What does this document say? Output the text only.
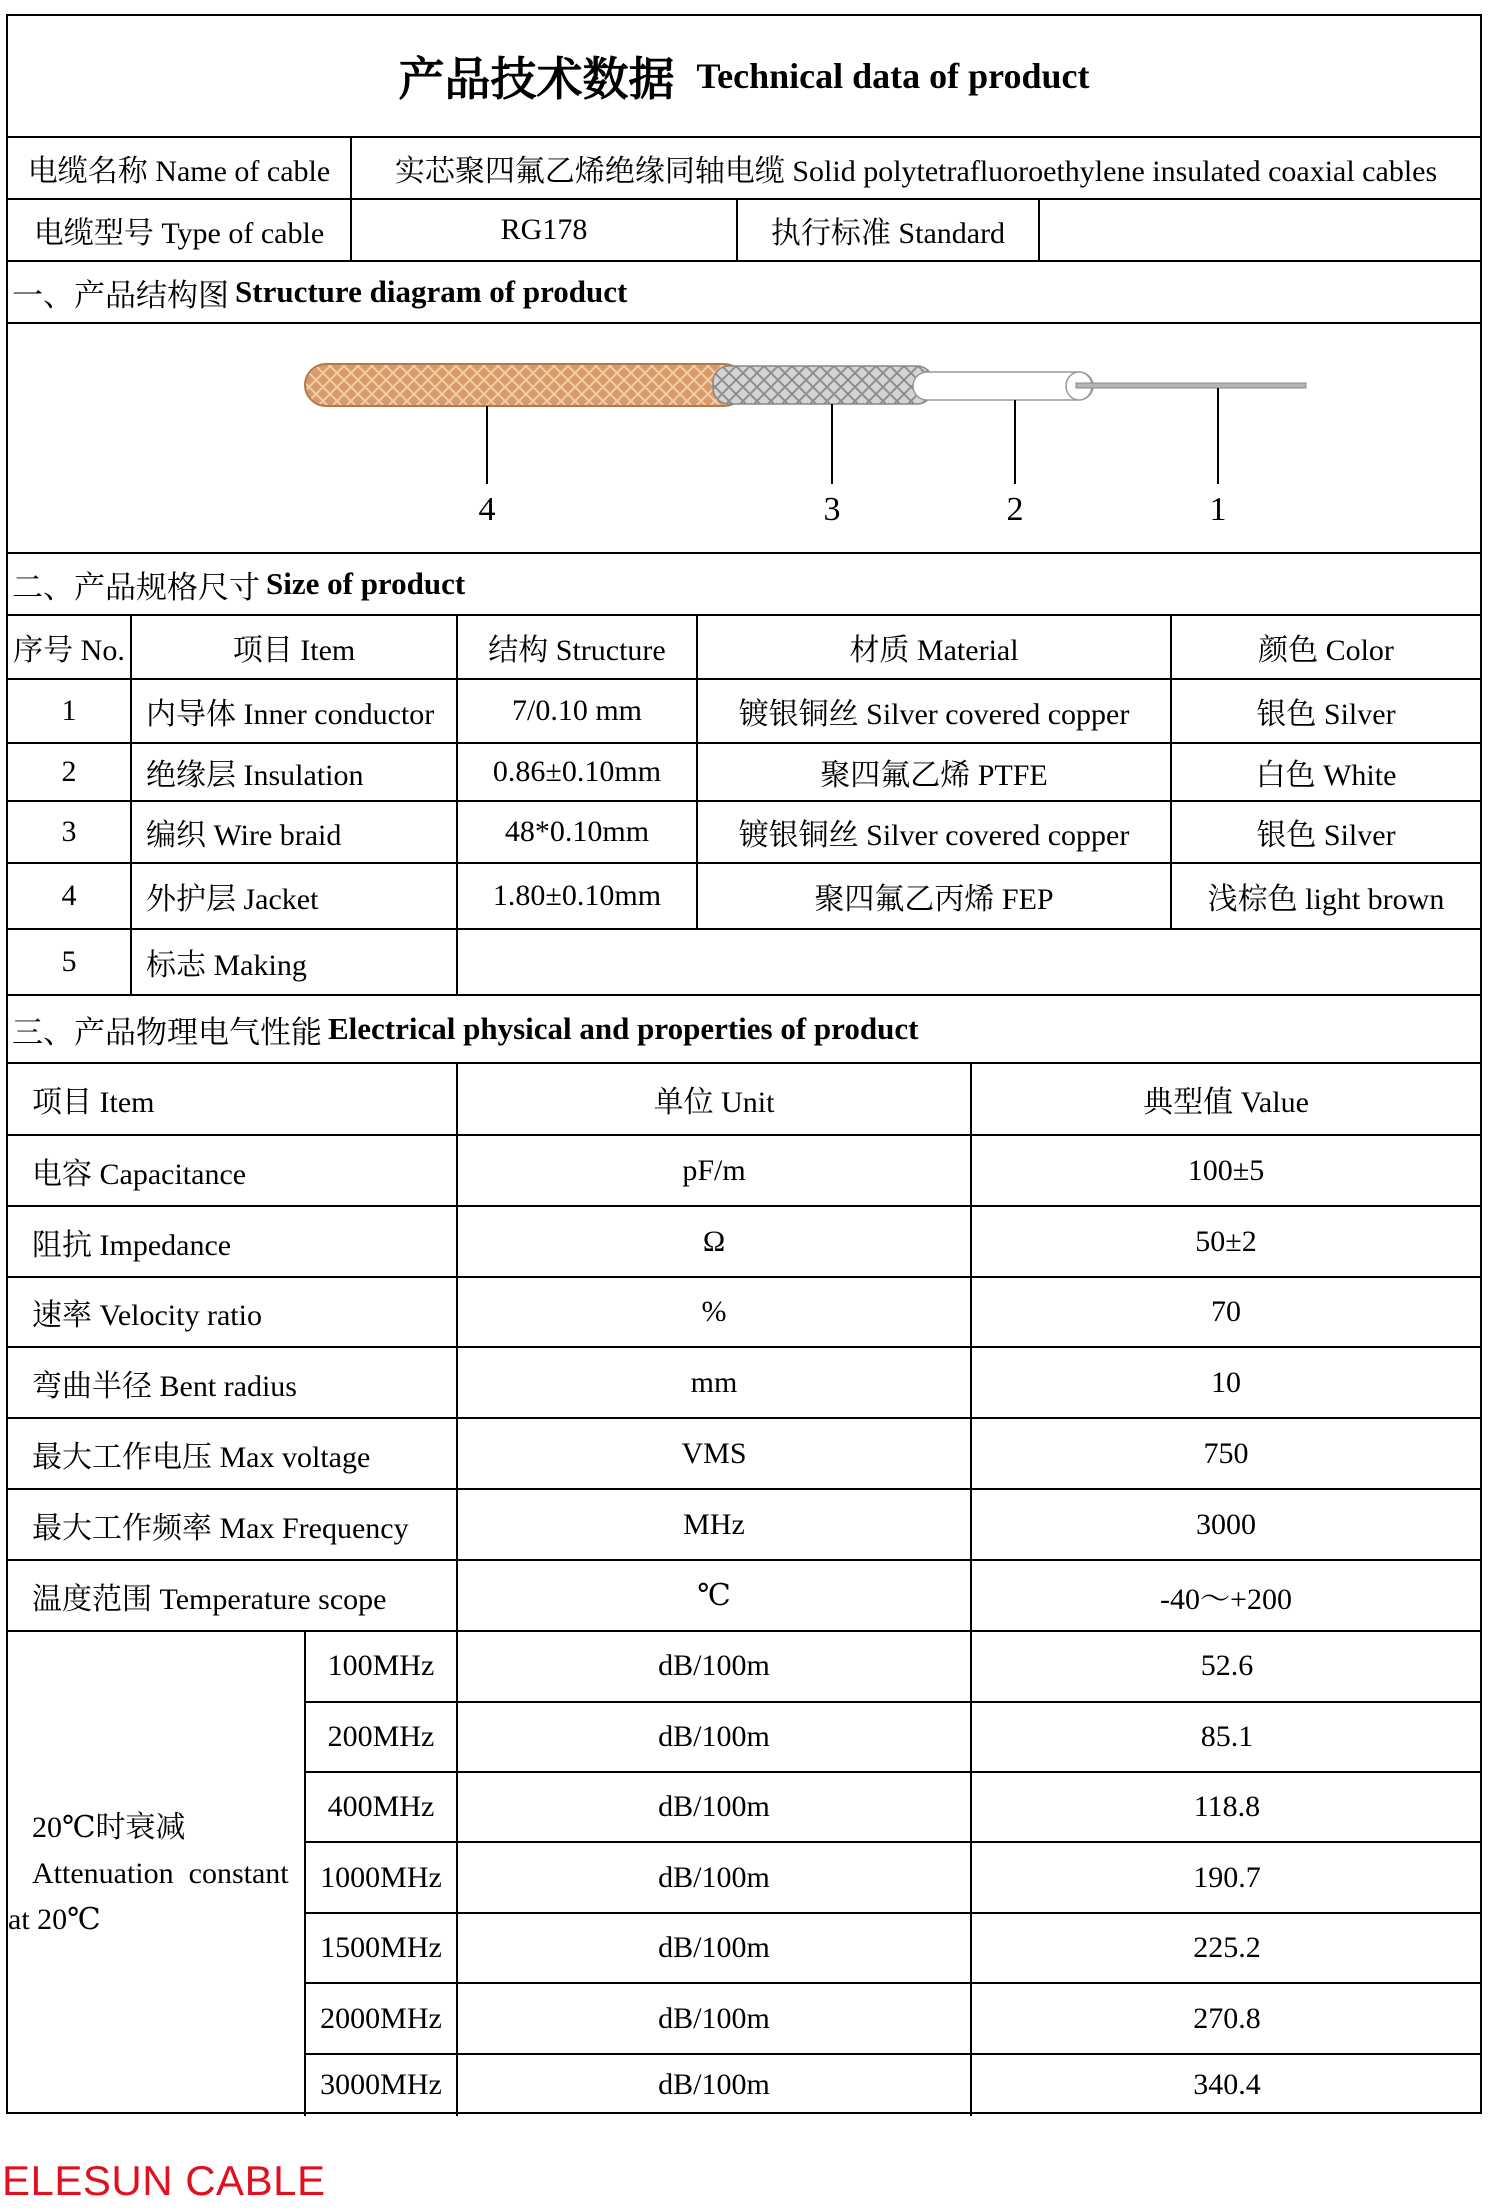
产品技术数据 Technical data of product
电缆名称 Name of cable	实芯聚四氟乙烯绝缘同轴电缆 Solid polytetrafluoroethylene insulated coaxial cables
电缆型号 Type of cable	RG178	执行标准 Standard
一、产品结构图 Structure diagram of product
4	3	2	1
二、产品规格尺寸 Size of product
序号 No.	项目 Item	结构 Structure	材质 Material	颜色 Color
1	内导体 Inner conductor	7/0.10 mm	镀银铜丝 Silver covered copper	银色 Silver
2	绝缘层 Insulation	0.86±0.10mm	聚四氟乙烯 PTFE	白色 White
3	编织 Wire braid	48*0.10mm	镀银铜丝 Silver covered copper	银色 Silver
4	外护层 Jacket	1.80±0.10mm	聚四氟乙丙烯 FEP	浅棕色 light brown
5	标志 Making
三、产品物理电气性能 Electrical physical and properties of product
项目 Item	单位 Unit	典型值 Value
电容 Capacitance	pF/m	100±5
阻抗 Impedance	Ω	50±2
速率 Velocity ratio	%	70
弯曲半径 Bent radius	mm	10
最大工作电压 Max voltage	VMS	750
最大工作频率 Max Frequency	MHz	3000
温度范围 Temperature scope	℃	-40～+200
20℃时衰减
Attenuation  constant
at 20℃
100MHz	dB/100m	52.6
200MHz	dB/100m	85.1
400MHz	dB/100m	118.8
1000MHz	dB/100m	190.7
1500MHz	dB/100m	225.2
2000MHz	dB/100m	270.8
3000MHz	dB/100m	340.4
ELESUN CABLE
